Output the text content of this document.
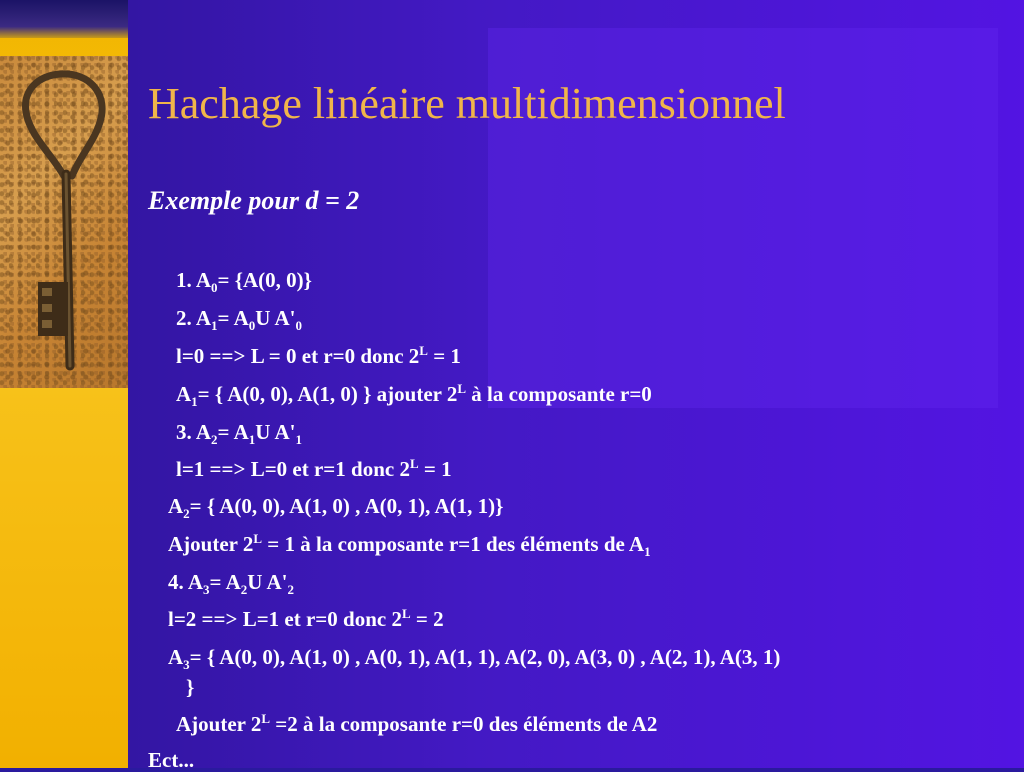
Hachage linéaire multidimensionnel
Exemple pour d = 2
1. $A_0= \{A(0$, 0)}
2. $A_1= A_0U$ $A'_0$
l=0 ==> L = 0 et r=0 donc $2^L = 1$
$A_1=$ { A(0, 0), A(1, 0) } ajouter $2^L$ à la composante r=0
3. $A_2= A_1U$ $A'_1$
l=1 ==> L=0 et r=1 donc $2^L = 1$
$A_2=$ { A(0, 0), A(1, 0) , A(0, 1), A(1, 1)}
Ajouter $2^L = 1$ à la composante r=1 des éléments de $A_1$
4. $A_3= A_2U$ $A'_2$
l=2 ==> L=1 et r=0 donc $2^L = 2$
$A_3=$ { A(0, 0), A(1, 0) , A(0, 1), A(1, 1), A(2, 0), A(3, 0) , A(2, 1), A(3, 1)
}
Ajouter $2^L =2$ à la composante r=0 des éléments de A2
Ect...
